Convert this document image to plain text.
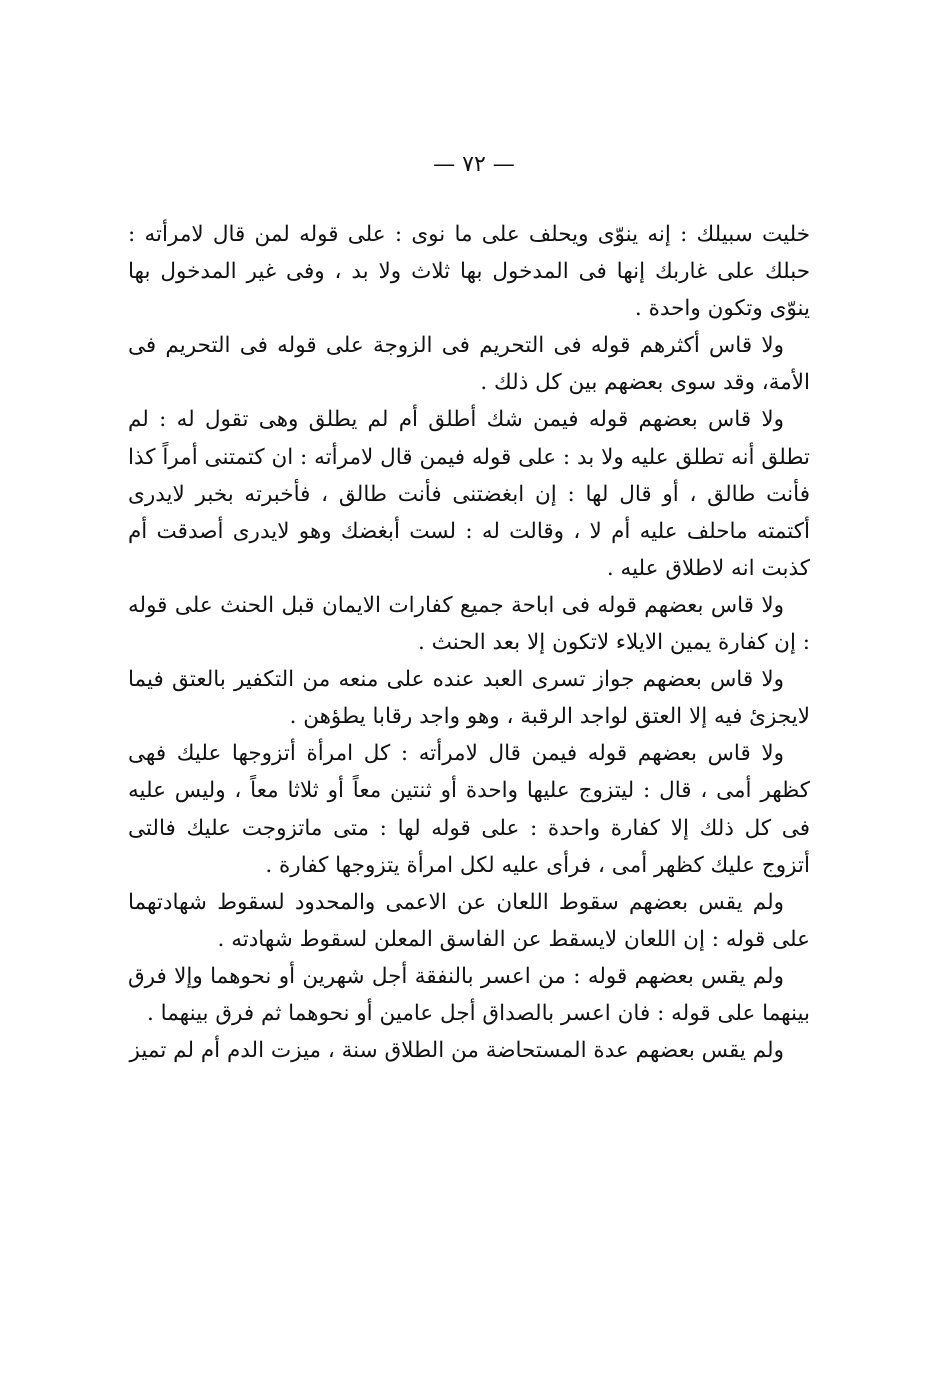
— ٧٢ —

خليت سبيلك : إنه ينوّى ويحلف على ما نوى : على قوله لمن قال لامرأته : حبلك على غاربك إنها فى المدخول بها ثلاث ولا بد ، وفى غير المدخول بها ينوّى وتكون واحدة .

ولا قاس أكثرهم قوله فى التحريم فى الزوجة على قوله فى التحريم فى الأمة، وقد سوى بعضهم بين كل ذلك .

ولا قاس بعضهم قوله فيمن شك أطلق أم لم يطلق وهى تقول له : لم تطلق أنه تطلق عليه ولا بد : على قوله فيمن قال لامرأته : ان كتمتنى أمراً كذا فأنت طالق ، أو قال لها : إن ابغضتنى فأنت طالق ، فأخبرته بخبر لايدرى أكتمته ماحلف عليه أم لا ، وقالت له : لست أبغضك وهو لايدرى أصدقت أم كذبت انه لاطلاق عليه .

ولا قاس بعضهم قوله فى اباحة جميع كفارات الايمان قبل الحنث على قوله : إن كفارة يمين الايلاء لاتكون إلا بعد الحنث .

ولا قاس بعضهم جواز تسرى العبد عنده على منعه من التكفير بالعتق فيما لايجزئ فيه إلا العتق لواجد الرقبة ، وهو واجد رقابا يطؤهن .

ولا قاس بعضهم قوله فيمن قال لامرأته : كل امرأة أتزوجها عليك فهى كظهر أمى ، قال : ليتزوج عليها واحدة أو ثنتين معاً أو ثلاثا معاً ، وليس عليه فى كل ذلك إلا كفارة واحدة : على قوله لها : متى ماتزوجت عليك فالتى أتزوج عليك كظهر أمى ، فرأى عليه لكل امرأة يتزوجها كفارة .

ولم يقس بعضهم سقوط اللعان عن الاعمى والمحدود لسقوط شهادتهما على قوله : إن اللعان لايسقط عن الفاسق المعلن لسقوط شهادته .

ولم يقس بعضهم قوله : من اعسر بالنفقة أجل شهرين أو نحوهما وإلا فرق بينهما على قوله : فان اعسر بالصداق أجل عامين أو نحوهما ثم فرق بينهما .

ولم يقس بعضهم عدة المستحاضة من الطلاق سنة ، ميزت الدم أم لم تميز
